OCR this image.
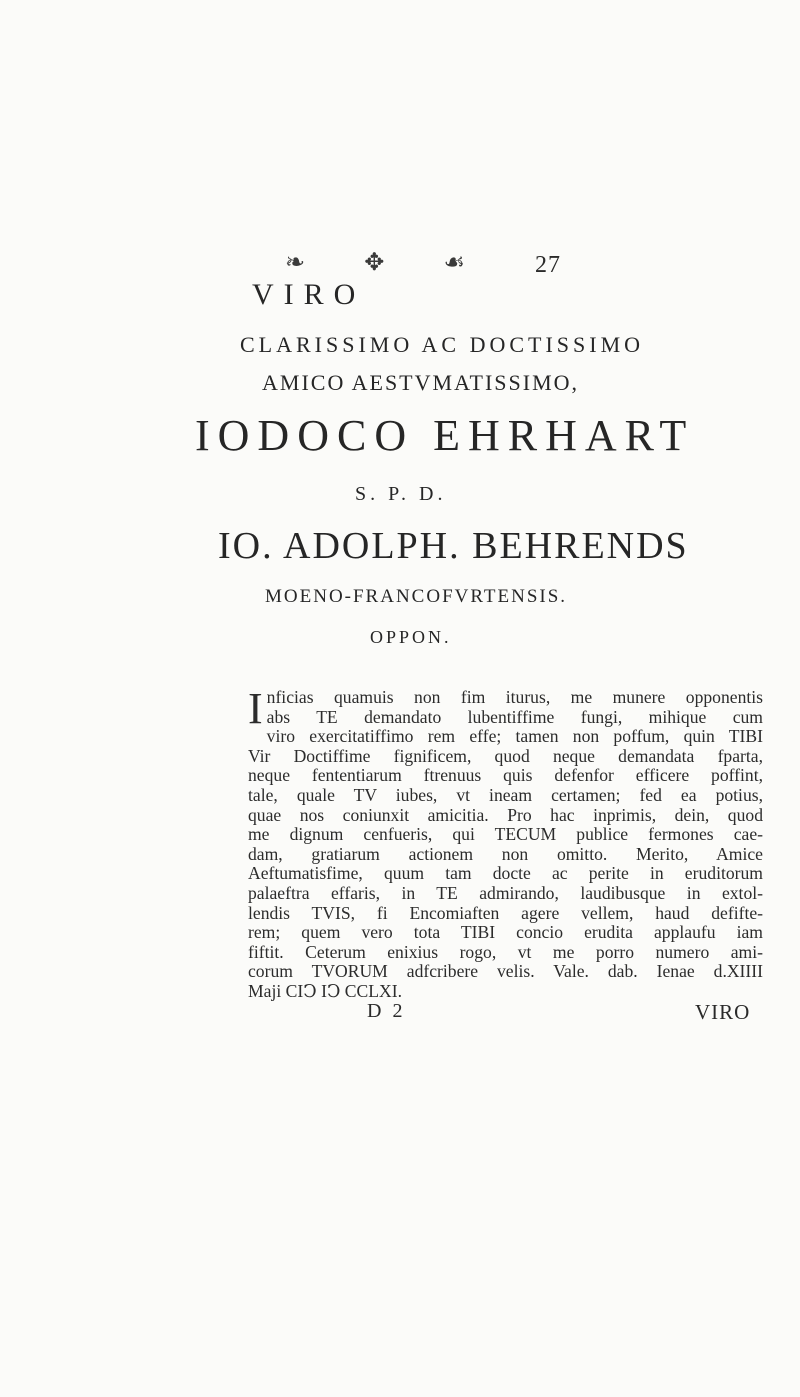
❧ ✥ ☙	27
VIRO
CLARISSIMO AC DOCTISSIMO
AMICO AESTVMATISSIMO,
IODOCO EHRHART
S. P. D.
IO. ADOLPH. BEHRENDS
MOENO-FRANCOFVRTENSIS.
OPPON.
I nficias quamuis non fim iturus, me munere opponentis
abs TE demandato lubentiffime fungi, mihique cum
viro exercitatiffimo rem effe; tamen non poffum, quin TIBI
Vir Doctiffime fignificem, quod neque demandata fparta,
neque fententiarum ftrenuus quis defenfor efficere poffint,
tale, quale TV iubes, vt ineam certamen; fed ea potius,
quae nos coniunxit amicitia. Pro hac inprimis, dein, quod
me dignum cenfueris, qui TECUM publice fermones cae-
dam, gratiarum actionem non omitto. Merito, Amice
Aeftumatisfime, quum tam docte ac perite in eruditorum
palaeftra effaris, in TE admirando, laudibusque in extol-
lendis TVIS, fi Encomiaften agere vellem, haud defifte-
rem; quem vero tota TIBI concio erudita applaufu iam
fiftit. Ceterum enixius rogo, vt me porro numero ami-
corum TVORUM adfcribere velis. Vale. dab. Ienae d.XIIII
Maji CIↃ IↃ CCLXI.
D 2	VIRO
